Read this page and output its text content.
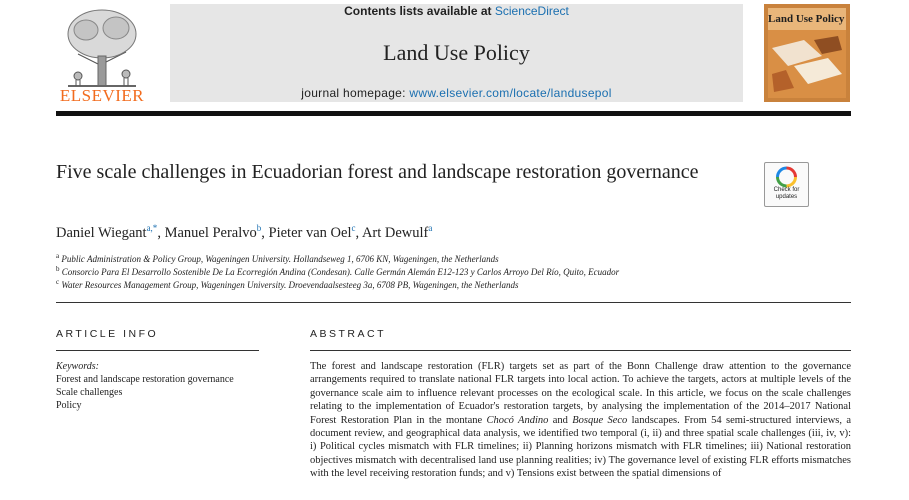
ELSEVIER
Contents lists available at ScienceDirect
Land Use Policy
journal homepage: www.elsevier.com/locate/landusepol
Land Use Policy
Five scale challenges in Ecuadorian forest and landscape restoration governance
Check for updates
Daniel Wiegant$^{a,*}$, Manuel Peralvo$^b$, Pieter van Oel$^c$, Art Dewulf$^a$
$^a$ Public Administration & Policy Group, Wageningen University. Hollandseweg 1, 6706 KN, Wageningen, the Netherlands
$^b$ Consorcio Para El Desarrollo Sostenible De La Ecorregión Andina (Condesan). Calle Germán Alemán E12-123 y Carlos Arroyo Del Río, Quito, Ecuador
$^c$ Water Resources Management Group, Wageningen University. Droevendaalsesteeg 3a, 6708 PB, Wageningen, the Netherlands
ARTICLE INFO
Keywords:
Forest and landscape restoration governance
Scale challenges
Policy
ABSTRACT
The forest and landscape restoration (FLR) targets set as part of the Bonn Challenge draw attention to the governance arrangements required to translate national FLR targets into local action. To achieve the targets, actors at multiple levels of the governance scale aim to influence relevant processes on the ecological scale. In this article, we focus on the scale challenges relating to the implementation of Ecuador's restoration targets, by analysing the implementation of the 2014–2017 National Forest Restoration Plan in the montane Chocó Andino and Bosque Seco landscapes. From 54 semi-structured interviews, a document review, and geographical data analysis, we identified two temporal (i, ii) and three spatial scale challenges (iii, iv, v): i) Political cycles mismatch with FLR timelines; ii) Planning horizons mismatch with FLR timelines; iii) National restoration objectives mismatch with decentralised land use planning realities; iv) The governance level of existing FLR efforts mismatches with the level receiving restoration funds; and v) Tensions exist between the spatial dimensions of
